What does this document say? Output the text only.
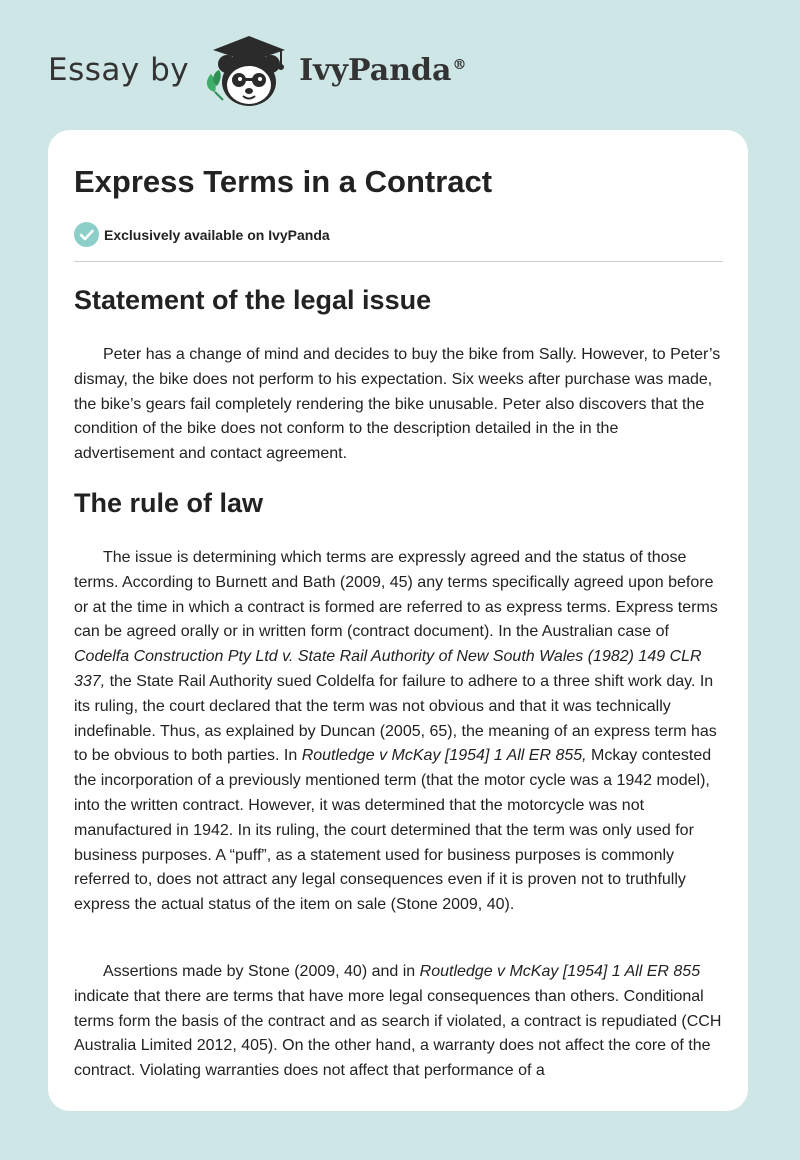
Essay by	IvyPanda®
Express Terms in a Contract
Exclusively available on IvyPanda
Statement of the legal issue

Peter has a change of mind and decides to buy the bike from Sally. However, to Peter’s dismay, the bike does not perform to his expectation. Six weeks after purchase was made, the bike’s gears fail completely rendering the bike unusable. Peter also discovers that the condition of the bike does not conform to the description detailed in the in the advertisement and contact agreement.

The rule of law

The issue is determining which terms are expressly agreed and the status of those terms. According to Burnett and Bath (2009, 45) any terms specifically agreed upon before or at the time in which a contract is formed are referred to as express terms. Express terms can be agreed orally or in written form (contract document). In the Australian case of Codelfa Construction Pty Ltd v. State Rail Authority of New South Wales (1982) 149 CLR 337, the State Rail Authority sued Coldelfa for failure to adhere to a three shift work day. In its ruling, the court declared that the term was not obvious and that it was technically indefinable. Thus, as explained by Duncan (2005, 65), the meaning of an express term has to be obvious to both parties. In Routledge v McKay [1954] 1 All ER 855, Mckay contested the incorporation of a previously mentioned term (that the motor cycle was a 1942 model), into the written contract. However, it was determined that the motorcycle was not manufactured in 1942. In its ruling, the court determined that the term was only used for business purposes. A “puff”, as a statement used for business purposes is commonly referred to, does not attract any legal consequences even if it is proven not to truthfully express the actual status of the item on sale (Stone 2009, 40).

Assertions made by Stone (2009, 40) and in Routledge v McKay [1954] 1 All ER 855 indicate that there are terms that have more legal consequences than others. Conditional terms form the basis of the contract and as search if violated, a contract is repudiated (CCH Australia Limited 2012, 405). On the other hand, a warranty does not affect the core of the contract. Violating warranties does not affect that performance of a
